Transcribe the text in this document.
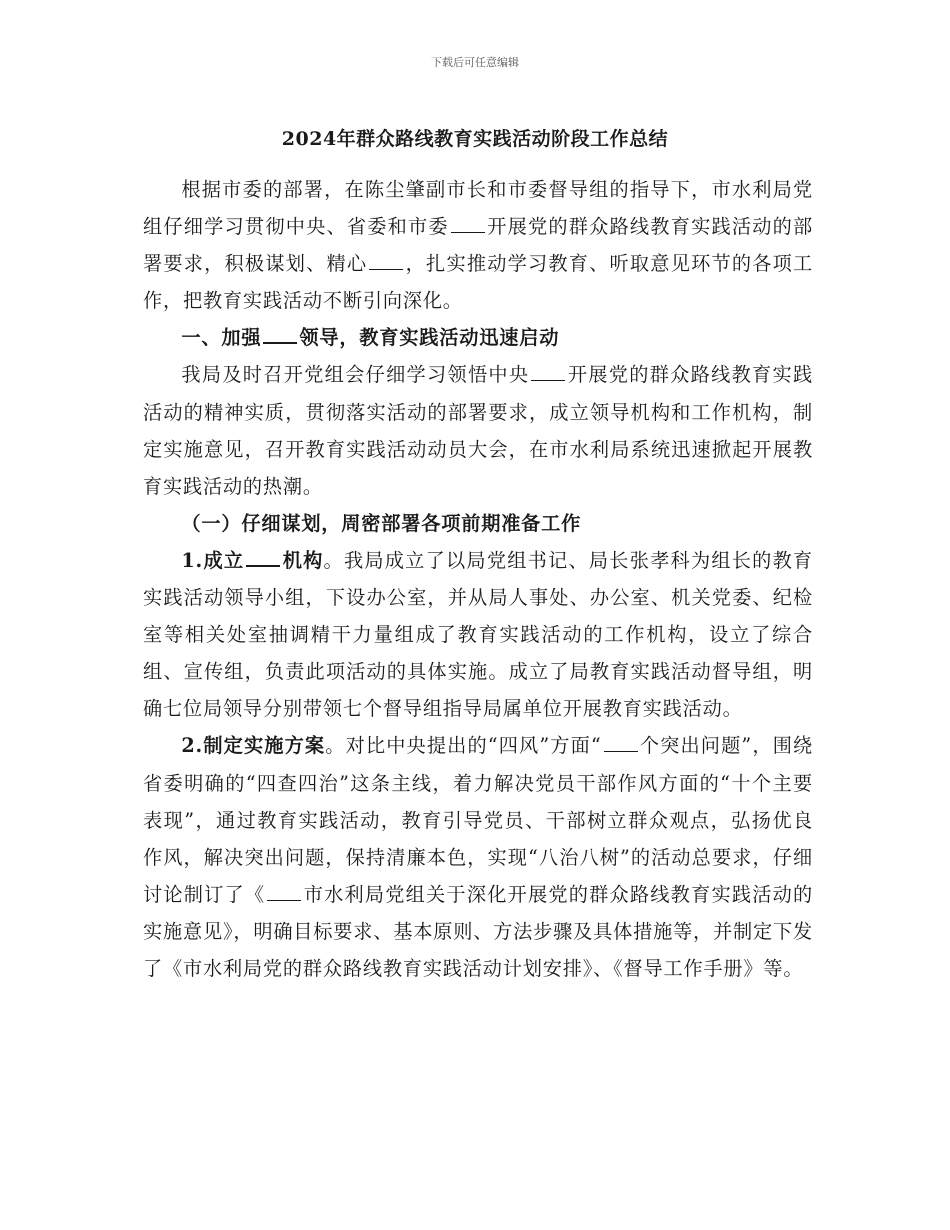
下载后可任意编辑
2024年群众路线教育实践活动阶段工作总结

根据市委的部署，在陈尘肇副市长和市委督导组的指导下，市水利局党组仔细学习贯彻中央、省委和市委 开展党的群众路线教育实践活动的部署要求，积极谋划、精心 ，扎实推动学习教育、听取意见环节的各项工作，把教育实践活动不断引向深化。

一、加强 领导，教育实践活动迅速启动

我局及时召开党组会仔细学习领悟中央 开展党的群众路线教育实践活动的精神实质，贯彻落实活动的部署要求，成立领导机构和工作机构，制定实施意见，召开教育实践活动动员大会，在市水利局系统迅速掀起开展教育实践活动的热潮。

（一）仔细谋划，周密部署各项前期准备工作

1.成立 机构。我局成立了以局党组书记、局长张孝科为组长的教育实践活动领导小组，下设办公室，并从局人事处、办公室、机关党委、纪检室等相关处室抽调精干力量组成了教育实践活动的工作机构，设立了综合组、宣传组，负责此项活动的具体实施。成立了局教育实践活动督导组，明确七位局领导分别带领七个督导组指导局属单位开展教育实践活动。

2.制定实施方案。对比中央提出的“四风”方面“ 个突出问题”，围绕省委明确的“四查四治”这条主线，着力解决党员干部作风方面的“十个主要表现”，通过教育实践活动，教育引导党员、干部树立群众观点，弘扬优良作风，解决突出问题，保持清廉本色，实现“八治八树”的活动总要求，仔细讨论制订了《 市水利局党组关于深化开展党的群众路线教育实践活动的实施意见》，明确目标要求、基本原则、方法步骤及具体措施等，并制定下发了《市水利局党的群众路线教育实践活动计划安排》、《督导工作手册》等。
